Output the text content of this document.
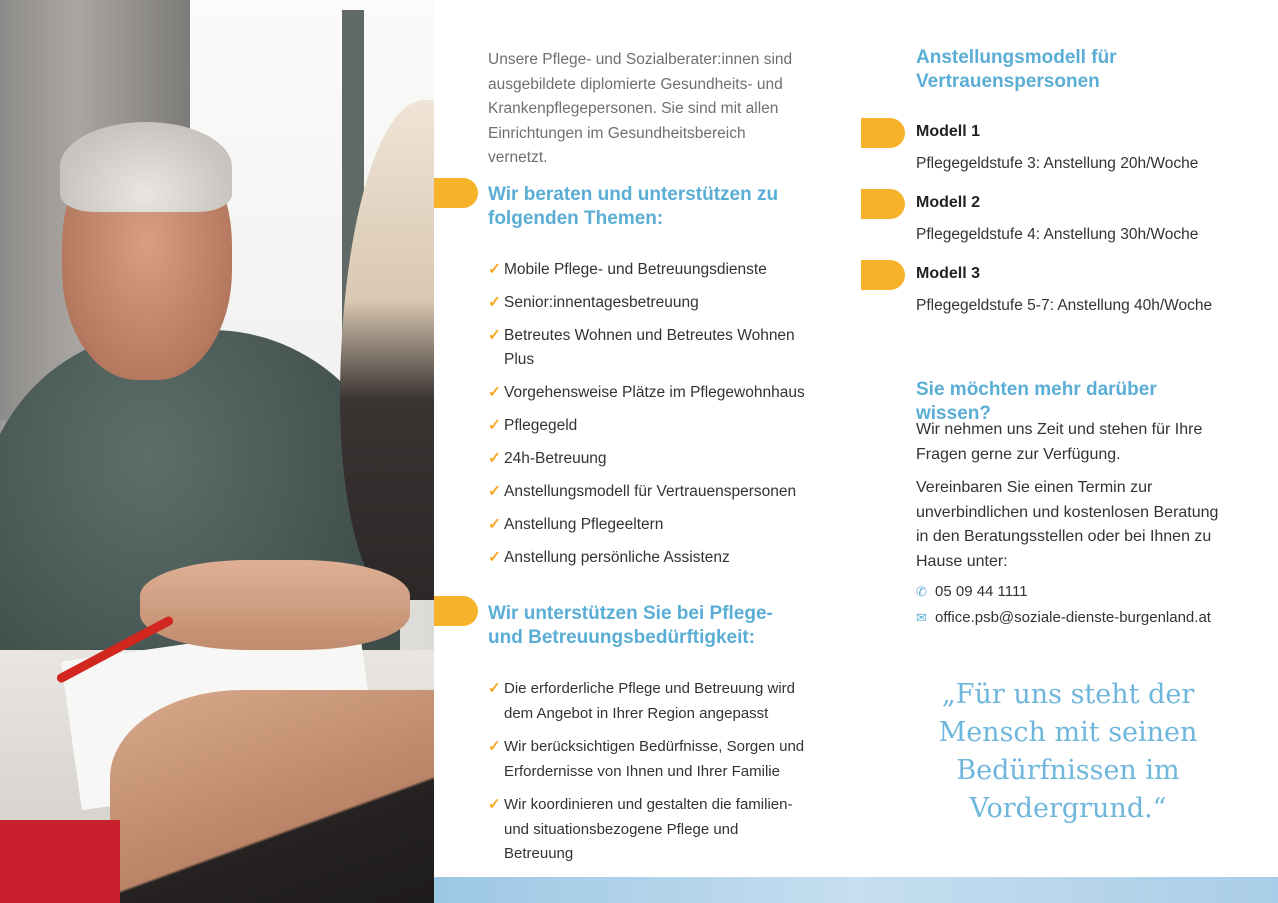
Unsere Pflege- und Sozialberater:innen sind ausgebildete diplomierte Gesundheits- und Krankenpflegepersonen. Sie sind mit allen Einrichtungen im Gesundheitsbereich vernetzt.

Wir beraten und unterstützen zu folgenden Themen:
✓ Mobile Pflege- und Betreuungsdienste
✓ Senior:innentagesbetreuung
✓ Betreutes Wohnen und Betreutes Wohnen Plus
✓ Vorgehensweise Plätze im Pflegewohnhaus
✓ Pflegegeld
✓ 24h-Betreuung
✓ Anstellungsmodell für Vertrauenspersonen
✓ Anstellung Pflegeeltern
✓ Anstellung persönliche Assistenz
Wir unterstützen Sie bei Pflege- und Betreuungsbedürftigkeit:
✓ Die erforderliche Pflege und Betreuung wird dem Angebot in Ihrer Region angepasst
✓ Wir berücksichtigen Bedürfnisse, Sorgen und Erfordernisse von Ihnen und Ihrer Familie
✓ Wir koordinieren und gestalten die familien- und situationsbezogene Pflege und Betreuung
Anstellungsmodell für Vertrauenspersonen
Modell 1
Pflegegeldstufe 3: Anstellung 20h/Woche
Modell 2
Pflegegeldstufe 4: Anstellung 30h/Woche
Modell 3
Pflegegeldstufe 5-7: Anstellung 40h/Woche
Sie möchten mehr darüber wissen?

Wir nehmen uns Zeit und stehen für Ihre Fragen gerne zur Verfügung.

Vereinbaren Sie einen Termin zur unverbindlichen und kostenlosen Beratung in den Beratungsstellen oder bei Ihnen zu Hause unter:

✆ 05 09 44 1111
✉ office.psb@soziale-dienste-burgenland.at
„Für uns steht der Mensch mit seinen Bedürfnissen im Vordergrund.“
